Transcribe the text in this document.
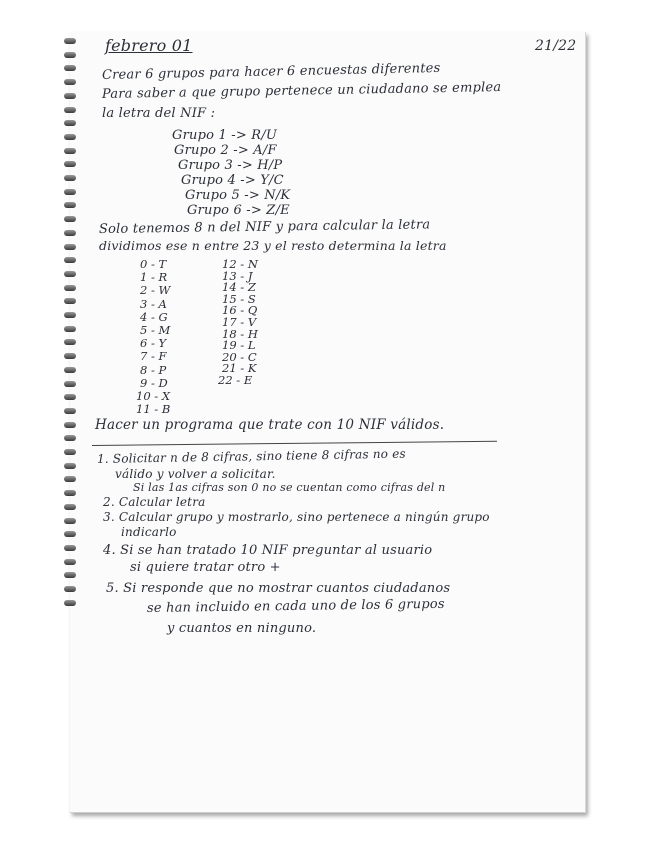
febrero 01	21/22
Crear 6 grupos para hacer 6 encuestas diferentes
Para saber a que grupo pertenece un ciudadano se emplea
la letra del NIF :
Grupo 1 -> R/U
Grupo 2 -> A/F
Grupo 3 -> H/P
Grupo 4 -> Y/C
Grupo 5 -> N/K
Grupo 6 -> Z/E
Solo tenemos 8 n del NIF y para calcular la letra
dividimos ese n entre 23 y el resto determina la letra
0 - T
1 - R
2 - W
3 - A
4 - G
5 - M
6 - Y
7 - F
8 - P
9 - D
10 - X
11 - B
12 - N
13 - J
14 - Z
15 - S
16 - Q
17 - V
18 - H
19 - L
20 - C
21 - K
22 - E
Hacer un programa que trate con 10 NIF válidos.
1. Solicitar n de 8 cifras, sino tiene 8 cifras no es
válido y volver a solicitar.
Si las 1as cifras son 0 no se cuentan como cifras del n
2. Calcular letra
3. Calcular grupo y mostrarlo, sino pertenece a ningún grupo
indicarlo
4. Si se han tratado 10 NIF preguntar al usuario
si quiere tratar otro +
5. Si responde que no mostrar cuantos ciudadanos
se han incluido en cada uno de los 6 grupos
y cuantos en ninguno.
